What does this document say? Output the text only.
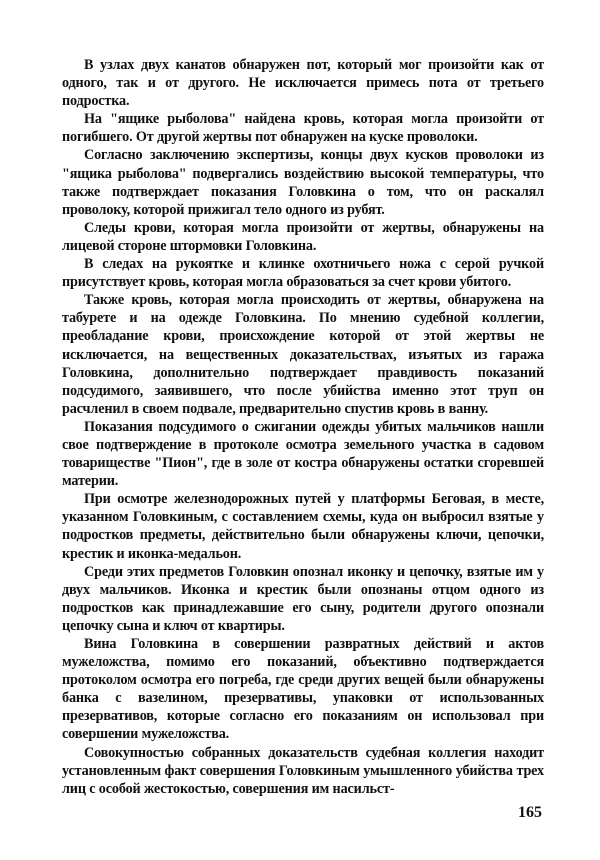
В узлах двух канатов обнаружен пот, который мог произойти как от одного, так и от другого. Не исключается примесь пота от третьего подростка.

На "ящике рыболова" найдена кровь, которая могла произойти от погибшего. От другой жертвы пот обнаружен на куске проволоки.

Согласно заключению экспертизы, концы двух кусков проволоки из "ящика рыболова" подвергались воздействию высокой температуры, что также подтверждает показания Головкина о том, что он раскалял проволоку, которой прижигал тело одного из рубят.

Следы крови, которая могла произойти от жертвы, обнаружены на лицевой стороне штормовки Головкина.

В следах на рукоятке и клинке охотничьего ножа с серой ручкой присутствует кровь, которая могла образоваться за счет крови убитого.

Также кровь, которая могла происходить от жертвы, обнаружена на табурете и на одежде Головкина. По мнению судебной коллегии, преобладание крови, происхождение которой от этой жертвы не исключается, на вещественных доказательствах, изъятых из гаража Головкина, дополнительно подтверждает правдивость показаний подсудимого, заявившего, что после убийства именно этот труп он расчленил в своем подвале, предварительно спустив кровь в ванну.

Показания подсудимого о сжигании одежды убитых мальчиков нашли свое подтверждение в протоколе осмотра земельного участка в садовом товариществе "Пион", где в золе от костра обнаружены остатки сгоревшей материи.

При осмотре железнодорожных путей у платформы Беговая, в месте, указанном Головкиным, с составлением схемы, куда он выбросил взятые у подростков предметы, действительно были обнаружены ключи, цепочки, крестик и иконка-медальон.

Среди этих предметов Головкин опознал иконку и цепочку, взятые им у двух мальчиков. Иконка и крестик были опознаны отцом одного из подростков как принадлежавшие его сыну, родители другого опознали цепочку сына и ключ от квартиры.

Вина Головкина в совершении развратных действий и актов мужеложства, помимо его показаний, объективно подтверждается протоколом осмотра его погреба, где среди других вещей были обнаружены банка с вазелином, презервативы, упаковки от использованных презервативов, которые согласно его показаниям он использовал при совершении мужеложства.

Совокупностью собранных доказательств судебная коллегия находит установленным факт совершения Головкиным умышленного убийства трех лиц с особой жестокостью, совершения им насильст-

165
